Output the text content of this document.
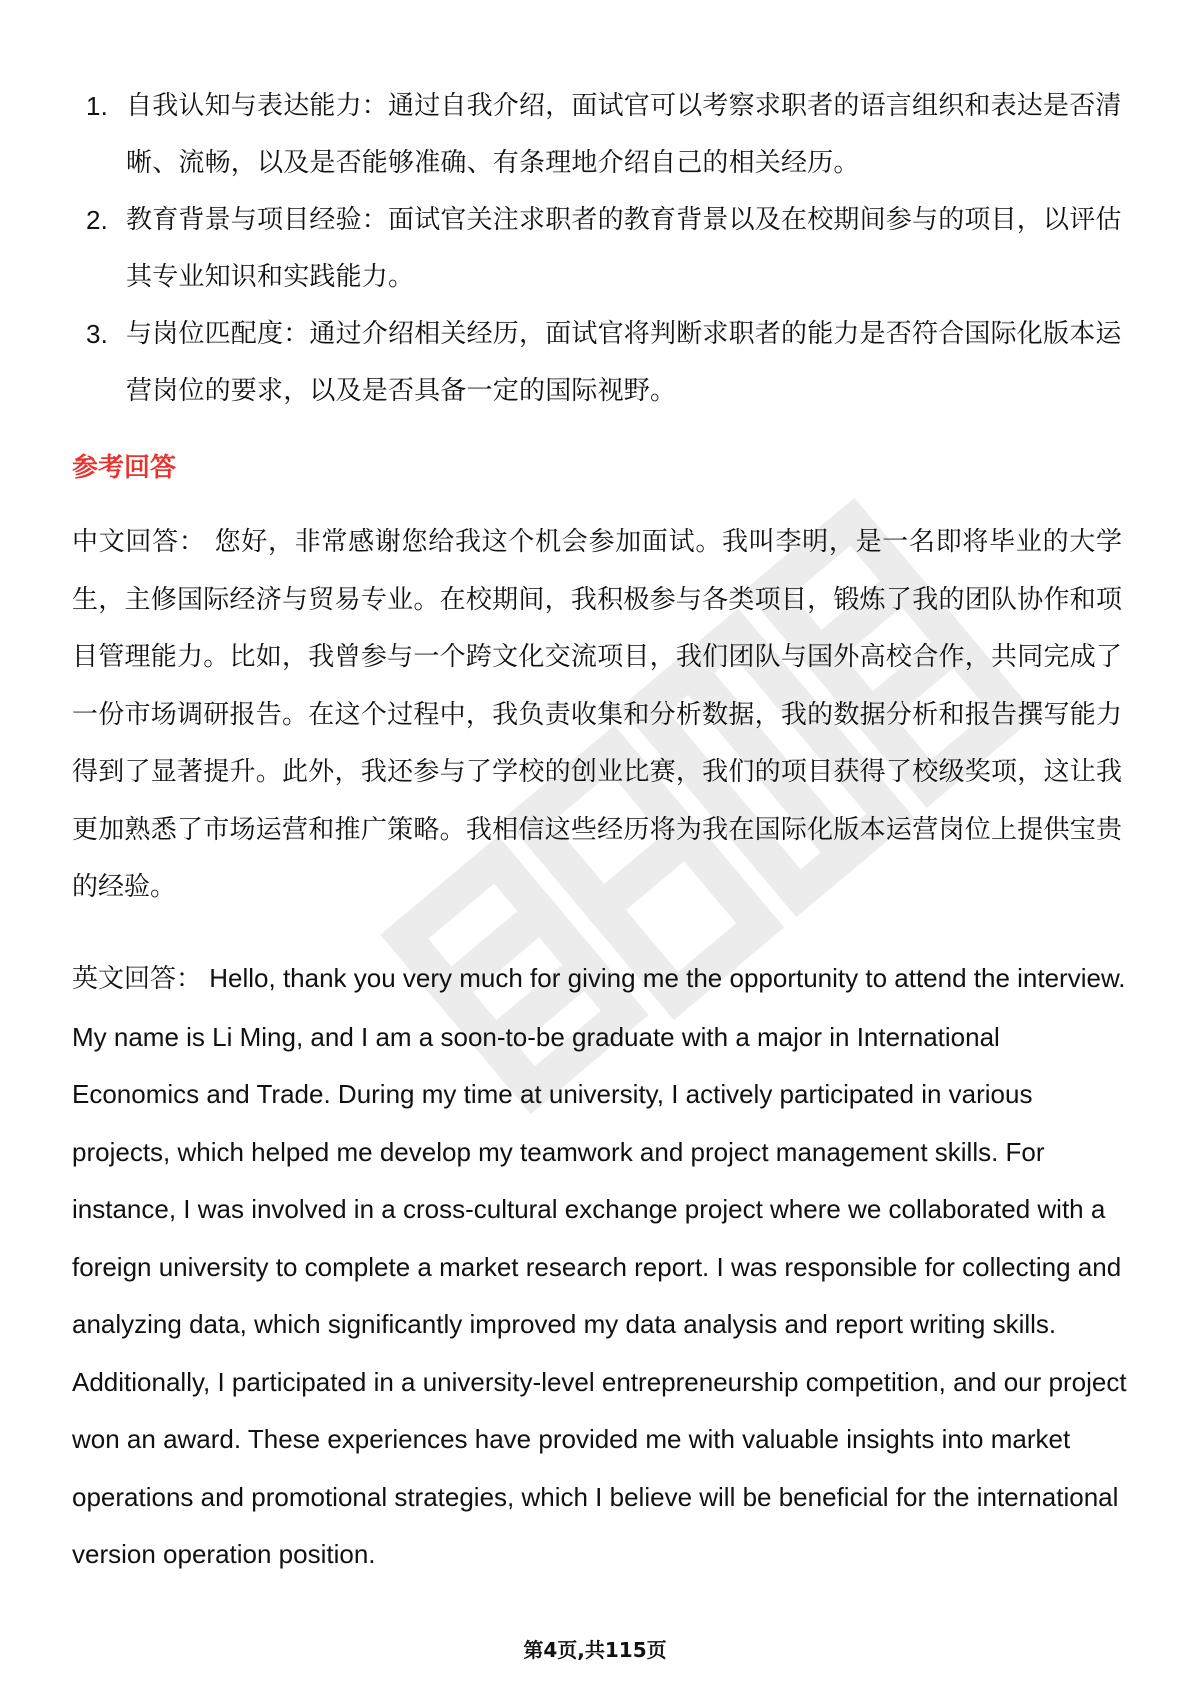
1. 自我认知与表达能力：通过自我介绍，面试官可以考察求职者的语言组织和表达是否清晰、流畅，以及是否能够准确、有条理地介绍自己的相关经历。
2. 教育背景与项目经验：面试官关注求职者的教育背景以及在校期间参与的项目，以评估其专业知识和实践能力。
3. 与岗位匹配度：通过介绍相关经历，面试官将判断求职者的能力是否符合国际化版本运营岗位的要求，以及是否具备一定的国际视野。
参考回答

中文回答： 您好，非常感谢您给我这个机会参加面试。我叫李明，是一名即将毕业的大学生，主修国际经济与贸易专业。在校期间，我积极参与各类项目，锻炼了我的团队协作和项目管理能力。比如，我曾参与一个跨文化交流项目，我们团队与国外高校合作，共同完成了一份市场调研报告。在这个过程中，我负责收集和分析数据，我的数据分析和报告撰写能力得到了显著提升。此外，我还参与了学校的创业比赛，我们的项目获得了校级奖项，这让我更加熟悉了市场运营和推广策略。我相信这些经历将为我在国际化版本运营岗位上提供宝贵的经验。

英文回答： Hello, thank you very much for giving me the opportunity to attend the interview. My name is Li Ming, and I am a soon-to-be graduate with a major in International Economics and Trade. During my time at university, I actively participated in various projects, which helped me develop my teamwork and project management skills. For instance, I was involved in a cross-cultural exchange project where we collaborated with a foreign university to complete a market research report. I was responsible for collecting and analyzing data, which significantly improved my data analysis and report writing skills. Additionally, I participated in a university-level entrepreneurship competition, and our project won an award. These experiences have provided me with valuable insights into market operations and promotional strategies, which I believe will be beneficial for the international version operation position.

第4页,共115页
